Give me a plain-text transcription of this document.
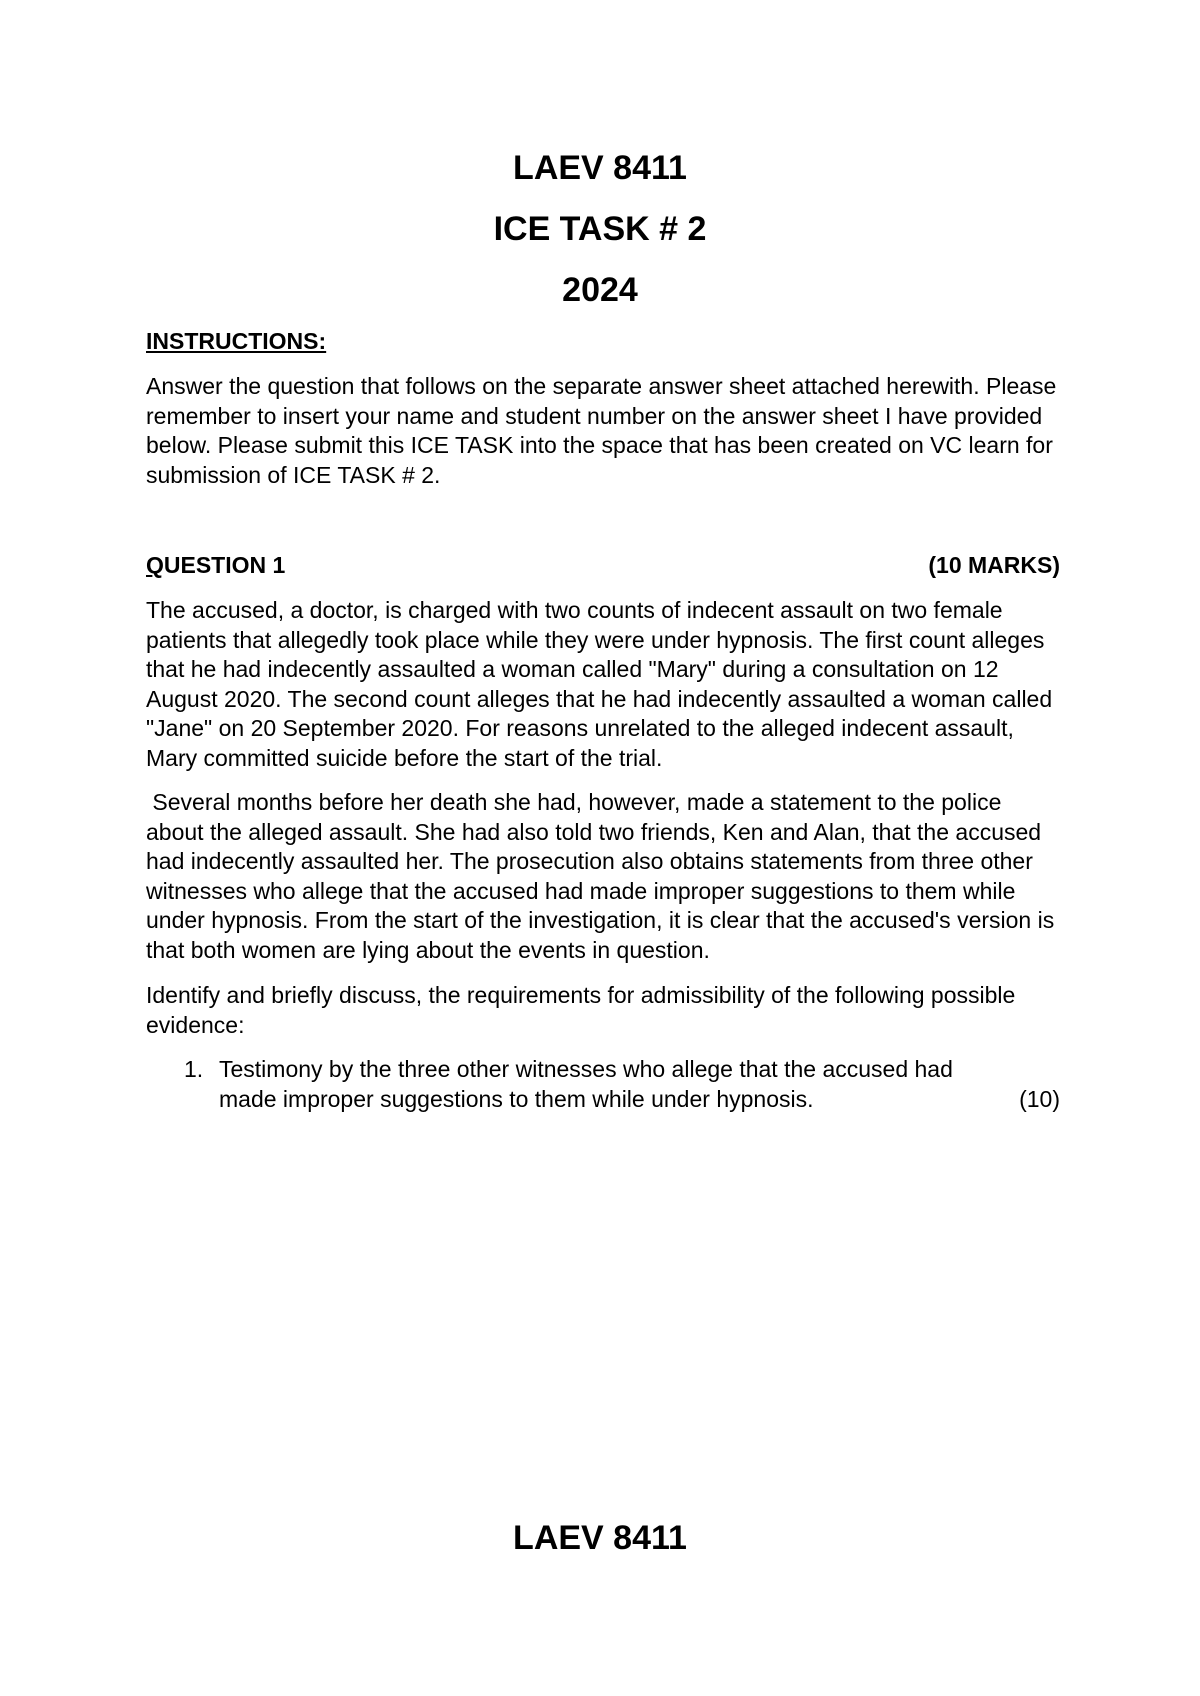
LAEV 8411
ICE TASK # 2
2024
INSTRUCTIONS:

Answer the question that follows on the separate answer sheet attached herewith. Please remember to insert your name and student number on the answer sheet I have provided below. Please submit this ICE TASK into the space that has been created on VC learn for submission of ICE TASK # 2.

QUESTION 1	(10 MARKS)

The accused, a doctor, is charged with two counts of indecent assault on two female patients that allegedly took place while they were under hypnosis. The first count alleges that he had indecently assaulted a woman called "Mary" during a consultation on 12 August 2020. The second count alleges that he had indecently assaulted a woman called "Jane" on 20 September 2020. For reasons unrelated to the alleged indecent assault, Mary committed suicide before the start of the trial.

Several months before her death she had, however, made a statement to the police about the alleged assault. She had also told two friends, Ken and Alan, that the accused had indecently assaulted her. The prosecution also obtains statements from three other witnesses who allege that the accused had made improper suggestions to them while under hypnosis. From the start of the investigation, it is clear that the accused's version is that both women are lying about the events in question.

Identify and briefly discuss, the requirements for admissibility of the following possible evidence:

1. Testimony by the three other witnesses who allege that the accused had made improper suggestions to them while under hypnosis.	(10)
LAEV 8411
